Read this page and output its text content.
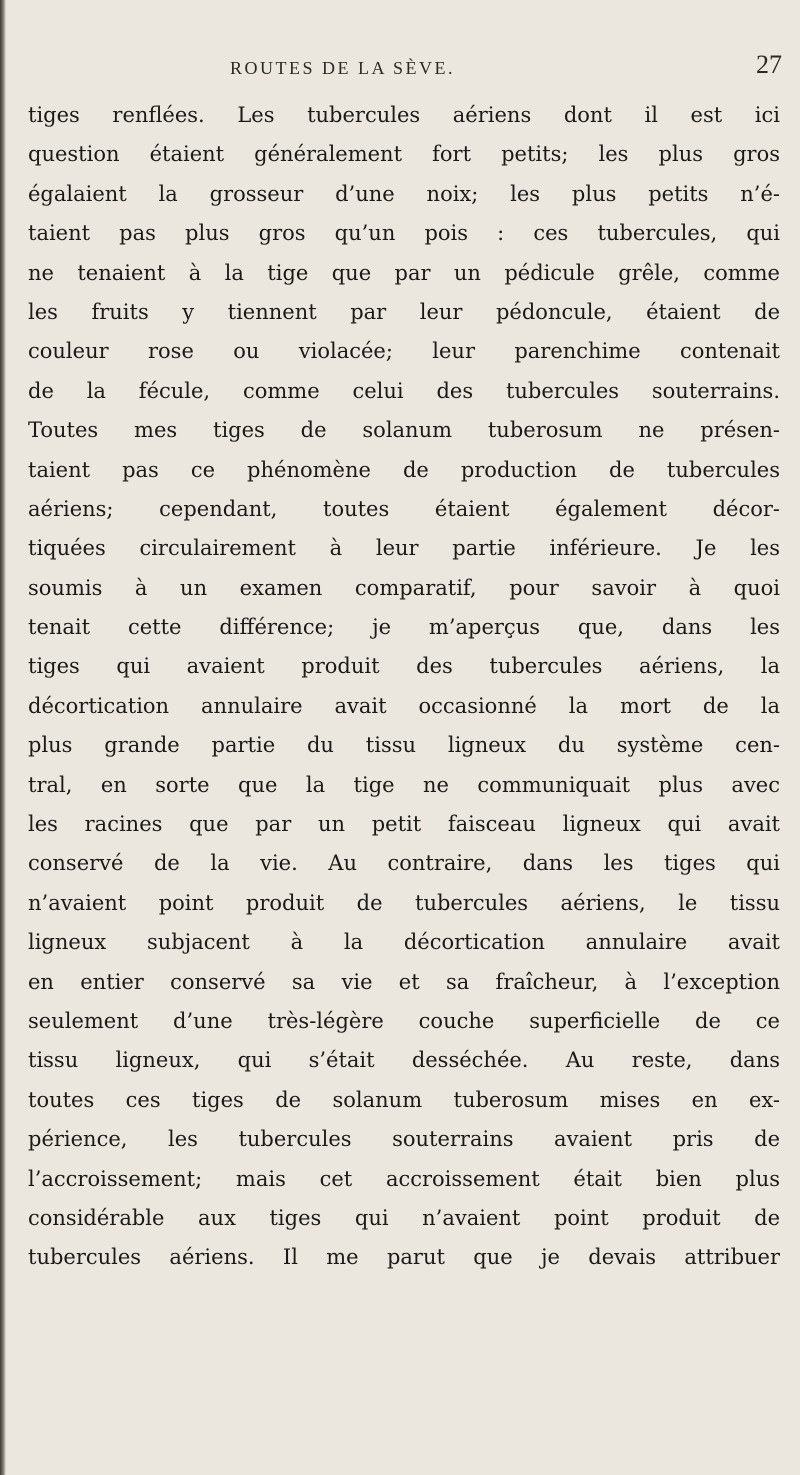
ROUTES DE LA SÈVE.	27
tiges renflées. Les tubercules aériens dont il est ici
question étaient généralement fort petits; les plus gros
égalaient la grosseur d’une noix; les plus petits n’é-
taient pas plus gros qu’un pois : ces tubercules, qui
ne tenaient à la tige que par un pédicule grêle, comme
les fruits y tiennent par leur pédoncule, étaient de
couleur rose ou violacée; leur parenchime contenait
de la fécule, comme celui des tubercules souterrains.
Toutes mes tiges de solanum tuberosum ne présen-
taient pas ce phénomène de production de tubercules
aériens; cependant, toutes étaient également décor-
tiquées circulairement à leur partie inférieure. Je les
soumis à un examen comparatif, pour savoir à quoi
tenait cette différence; je m’aperçus que, dans les
tiges qui avaient produit des tubercules aériens, la
décortication annulaire avait occasionné la mort de la
plus grande partie du tissu ligneux du système cen-
tral, en sorte que la tige ne communiquait plus avec
les racines que par un petit faisceau ligneux qui avait
conservé de la vie. Au contraire, dans les tiges qui
n’avaient point produit de tubercules aériens, le tissu
ligneux subjacent à la décortication annulaire avait
en entier conservé sa vie et sa fraîcheur, à l’exception
seulement d’une très-légère couche superficielle de ce
tissu ligneux, qui s’était desséchée. Au reste, dans
toutes ces tiges de solanum tuberosum mises en ex-
périence, les tubercules souterrains avaient pris de
l’accroissement; mais cet accroissement était bien plus
considérable aux tiges qui n’avaient point produit de
tubercules aériens. Il me parut que je devais attribuer
